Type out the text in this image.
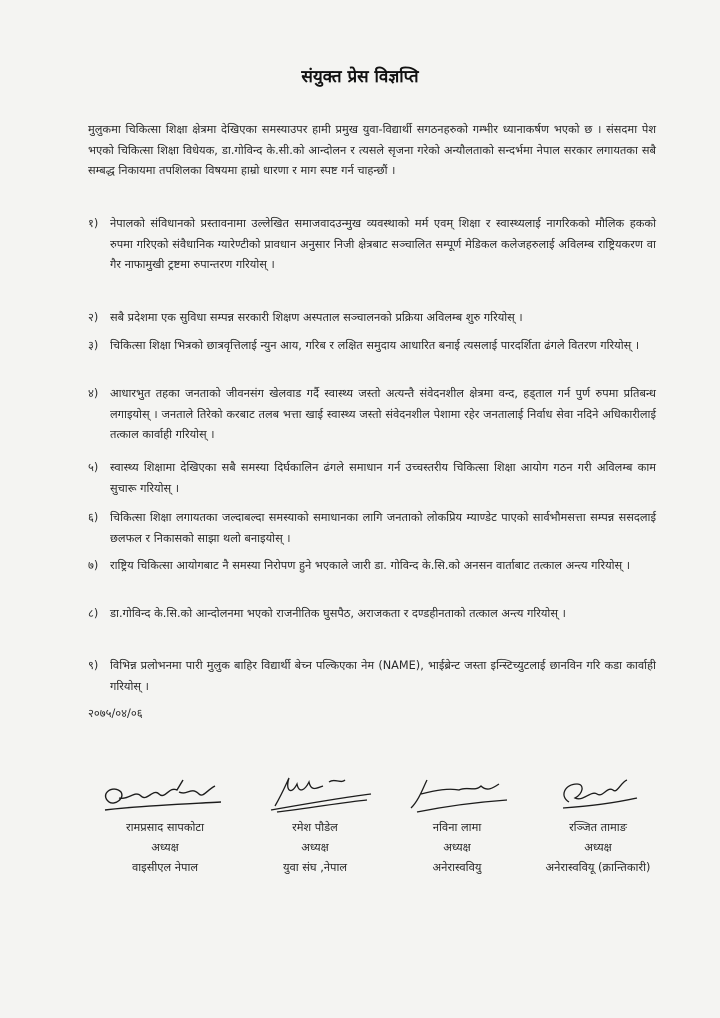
संयुक्त प्रेस विज्ञप्ति

मुलुकमा चिकित्सा शिक्षा क्षेत्रमा देखिएका समस्याउपर हामी प्रमुख युवा-विद्यार्थी सगठनहरुको गम्भीर ध्यानाकर्षण भएको छ । संसदमा पेश भएको चिकित्सा शिक्षा विधेयक, डा.गोविन्द के.सी.को आन्दोलन र त्यसले सृजना गरेको अन्यौलताको सन्दर्भमा नेपाल सरकार लगायतका सबै सम्बद्ध निकायमा तपशिलका विषयमा हाम्रो धारणा र माग स्पष्ट गर्न चाहन्छौं ।

१)	नेपालको संविधानको प्रस्तावनामा उल्लेखित समाजवादउन्मुख व्यवस्थाको मर्म एवम् शिक्षा र स्वास्थ्यलाई नागरिकको मौलिक हकको रुपमा गरिएको संवैधानिक ग्यारेण्टीको प्रावधान अनुसार निजी क्षेत्रबाट सञ्चालित सम्पूर्ण मेडिकल कलेजहरुलाई अविलम्ब राष्ट्रियकरण वा गैर नाफामुखी ट्रष्टमा रुपान्तरण गरियोस् ।
२)	सबै प्रदेशमा एक सुविधा सम्पन्न सरकारी शिक्षण अस्पताल सञ्चालनको प्रक्रिया अविलम्ब शुरु गरियोस् ।
३)	चिकित्सा शिक्षा भित्रको छात्रवृत्तिलाई न्युन आय, गरिब र लक्षित समुदाय आधारित बनाई त्यसलाई पारदर्शिता ढंगले वितरण गरियोस् ।
४)	आधारभुत तहका जनताको जीवनसंग खेलवाड गर्दै स्वास्थ्य जस्तो अत्यन्तै संवेदनशील क्षेत्रमा वन्द, हड्ताल गर्न पुर्ण रुपमा प्रतिबन्ध लगाइयोस् । जनताले तिरेको करबाट तलब भत्ता खाई स्वास्थ्य जस्तो संवेदनशील पेशामा रहेर जनतालाई निर्वाध सेवा नदिने अधिकारीलाई तत्काल कार्वाही गरियोस् ।
५)	स्वास्थ्य शिक्षामा देखिएका सबै समस्या दिर्घकालिन ढंगले समाधान गर्न उच्चस्तरीय चिकित्सा शिक्षा आयोग गठन गरी अविलम्ब काम सुचारू गरियोस् ।
६)	चिकित्सा शिक्षा लगायतका जल्दाबल्दा समस्याको समाधानका लागि जनताको लोकप्रिय म्याण्डेट पाएको सार्वभौमसत्ता सम्पन्न ससदलाई छलफल र निकासको साझा थलो बनाइयोस् ।
७)	राष्ट्रिय चिकित्सा आयोगबाट नै समस्या निरोपण हुने भएकाले जारी डा. गोविन्द के.सि.को अनसन वार्ताबाट तत्काल अन्त्य गरियोस् ।
८)	डा.गोविन्द के.सि.को आन्दोलनमा भएको राजनीतिक घुसपैठ, अराजकता र दण्डहीनताको तत्काल अन्त्य गरियोस् ।
९)	विभिन्न प्रलोभनमा पारी मुलुक बाहिर विद्यार्थी बेच्न पल्किएका नेम (NAME), भाईब्रेन्ट जस्ता इन्स्टिच्युटलाई छानविन गरि कडा कार्वाही गरियोस् ।

२०७५/०४/०६

रामप्रसाद सापकोटा
अध्यक्ष
वाइसीएल नेपाल
रमेश पौडेल
अध्यक्ष
युवा संघ ,नेपाल
नविना लामा
अध्यक्ष
अनेरास्ववियु
रञ्जित तामाङ
अध्यक्ष
अनेरास्ववियू (क्रान्तिकारी)
